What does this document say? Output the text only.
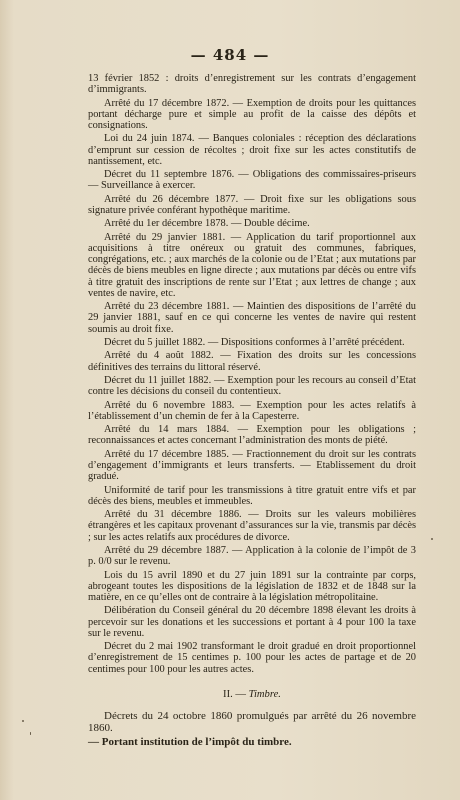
— 484 —

13 février 1852 : droits d’enregistrement sur les contrats d’engagement d’immigrants.

Arrêté du 17 décembre 1872. — Exemption de droits pour les quittances portant décharge pure et simple au profit de la caisse des dépôts et consignations.

Loi du 24 juin 1874. — Banques coloniales : réception des déclarations d’emprunt sur cession de récoltes ; droit fixe sur les actes constitutifs de nantissement, etc.

Décret du 11 septembre 1876. — Obligations des commissaires-priseurs — Surveillance à exercer.

Arrêté du 26 décembre 1877. — Droit fixe sur les obligations sous signature privée conférant hypothèque maritime.

Arrêté du 1er décembre 1878. — Double décime.

Arrêté du 29 janvier 1881. — Application du tarif proportionnel aux acquisitions à titre onéreux ou gratuit des communes, fabriques, congrégations, etc. ; aux marchés de la colonie ou de l’Etat ; aux mutations par décès de biens meubles en ligne directe ; aux mutations par décès ou entre vifs à titre gratuit des inscriptions de rente sur l’Etat ; aux lettres de change ; aux ventes de navire, etc.

Arrêté du 23 décembre 1881. — Maintien des dispositions de l’arrêté du 29 janvier 1881, sauf en ce qui concerne les ventes de navire qui restent soumis au droit fixe.

Décret du 5 juillet 1882. — Dispositions conformes à l’arrêté précédent.

Arrêté du 4 août 1882. — Fixation des droits sur les concessions définitives des terrains du littoral réservé.

Décret du 11 juillet 1882. — Exemption pour les recours au conseil d’Etat contre les décisions du conseil du contentieux.

Arrêté du 6 novembre 1883. — Exemption pour les actes relatifs à l’établissement d’un chemin de fer à la Capesterre.

Arrêté du 14 mars 1884. — Exemption pour les obligations ; reconnaissances et actes concernant l’administration des monts de piété.

Arrêté du 17 décembre 1885. — Fractionnement du droit sur les contrats d’engagement d’immigrants et leurs transferts. — Etablissement du droit gradué.

Uniformité de tarif pour les transmissions à titre gratuit entre vifs et par décès des biens, meubles et immeubles.

Arrêté du 31 décembre 1886. — Droits sur les valeurs mobilières étrangères et les capitaux provenant d’assurances sur la vie, transmis par décès ; sur les actes relatifs aux procédures de divorce.

Arrêté du 29 décembre 1887. — Application à la colonie de l’impôt de 3 p. 0/0 sur le revenu.

Lois du 15 avril 1890 et du 27 juin 1891 sur la contrainte par corps, abrogeant toutes les dispositions de la législation de 1832 et de 1848 sur la matière, en ce qu’elles ont de contraire à la législation métropolitaine.

Délibération du Conseil général du 20 décembre 1898 élevant les droits à percevoir sur les donations et les successions et portant à 4 pour 100 la taxe sur le revenu.

Décret du 2 mai 1902 transformant le droit gradué en droit proportionnel d’enregistrement de 15 centimes p. 100 pour les actes de partage et de 20 centimes pour 100 pour les autres actes.

II. — Timbre.

Décrets du 24 octobre 1860 promulgués par arrêté du 26 novembre 1860.

— Portant institution de l’impôt du timbre.
